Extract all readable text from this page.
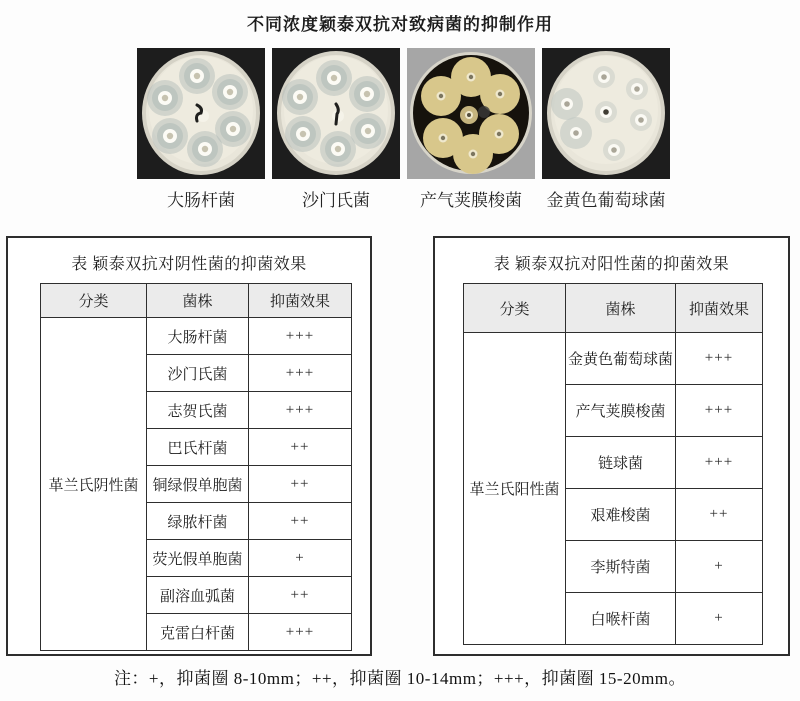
不同浓度颖泰双抗对致病菌的抑制作用
大肠杆菌	沙门氏菌	产气荚膜梭菌	金黄色葡萄球菌
表 颖泰双抗对阴性菌的抑菌效果
分类	菌株	抑菌效果
革兰氏阴性菌	大肠杆菌	+++
	沙门氏菌	+++
	志贺氏菌	+++
	巴氏杆菌	++
	铜绿假单胞菌	++
	绿脓杆菌	++
	荧光假单胞菌	+
	副溶血弧菌	++
	克雷白杆菌	+++
表 颖泰双抗对阳性菌的抑菌效果
分类	菌株	抑菌效果
革兰氏阳性菌	金黄色葡萄球菌	+++
	产气荚膜梭菌	+++
	链球菌	+++
	艰难梭菌	++
	李斯特菌	+
	白喉杆菌	+
注：+，抑菌圈 8-10mm；++，抑菌圈 10-14mm；+++，抑菌圈 15-20mm。
